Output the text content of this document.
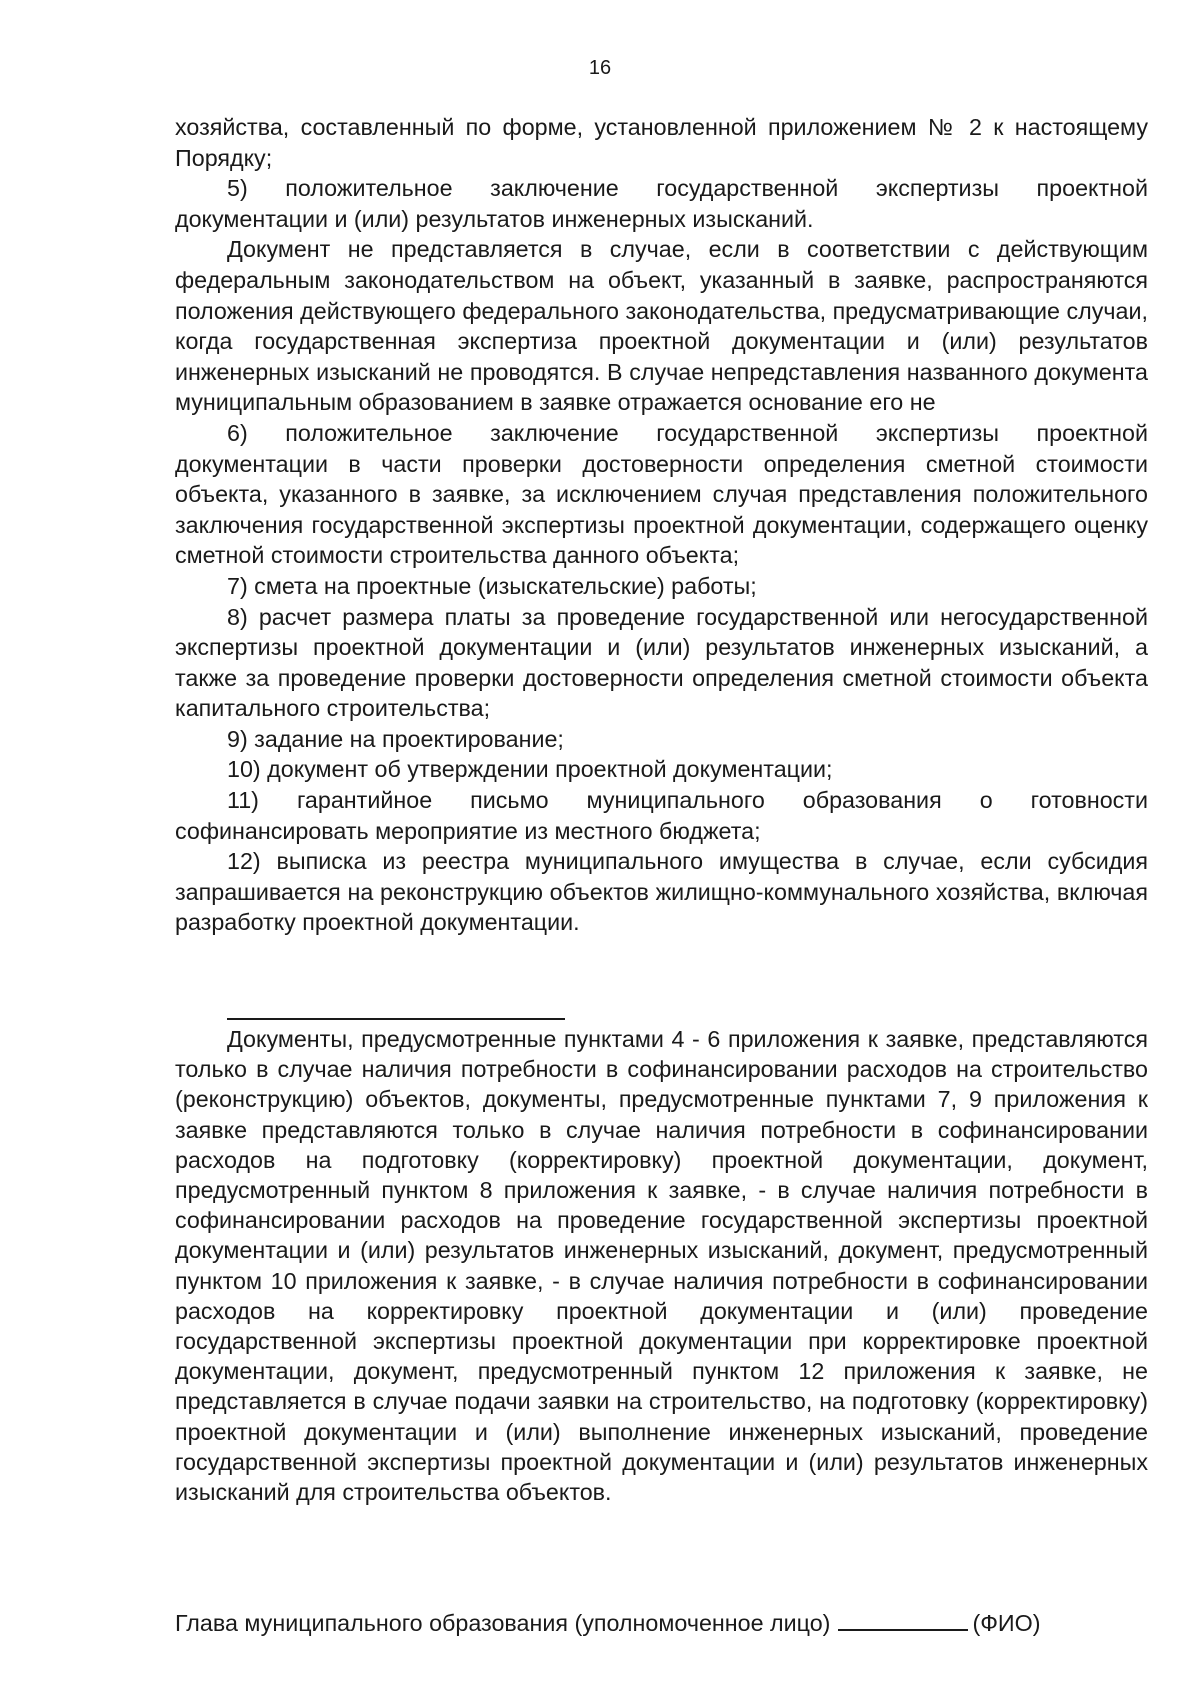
16

хозяйства, составленный по форме, установленной приложением № 2 к настоящему Порядку;

5) положительное заключение государственной экспертизы проектной документации и (или) результатов инженерных изысканий.

Документ не представляется в случае, если в соответствии с действующим федеральным законодательством на объект, указанный в заявке, распространяются положения действующего федерального законодательства, предусматривающие случаи, когда государственная экспертиза проектной документации и (или) результатов инженерных изысканий не проводятся. В случае непредставления названного документа муниципальным образованием в заявке отражается основание его не

6) положительное заключение государственной экспертизы проектной документации в части проверки достоверности определения сметной стоимости объекта, указанного в заявке, за исключением случая представления положительного заключения государственной экспертизы проектной документации, содержащего оценку сметной стоимости строительства данного объекта;

7) смета на проектные (изыскательские) работы;

8) расчет размера платы за проведение государственной или негосударственной экспертизы проектной документации и (или) результатов инженерных изысканий, а также за проведение проверки достоверности определения сметной стоимости объекта капитального строительства;

9) задание на проектирование;

10) документ об утверждении проектной документации;

11) гарантийное письмо муниципального образования о готовности софинансировать мероприятие из местного бюджета;

12) выписка из реестра муниципального имущества в случае, если субсидия запрашивается на реконструкцию объектов жилищно-коммунального хозяйства, включая разработку проектной документации.

Документы, предусмотренные пунктами 4 - 6 приложения к заявке, представляются только в случае наличия потребности в софинансировании расходов на строительство (реконструкцию) объектов, документы, предусмотренные пунктами 7, 9 приложения к заявке представляются только в случае наличия потребности в софинансировании расходов на подготовку (корректировку) проектной документации, документ, предусмотренный пунктом 8 приложения к заявке, - в случае наличия потребности в софинансировании расходов на проведение государственной экспертизы проектной документации и (или) результатов инженерных изысканий, документ, предусмотренный пунктом 10 приложения к заявке, - в случае наличия потребности в софинансировании расходов на корректировку проектной документации и (или) проведение государственной экспертизы проектной документации при корректировке проектной документации, документ, предусмотренный пунктом 12 приложения к заявке, не представляется в случае подачи заявки на строительство, на подготовку (корректировку) проектной документации и (или) выполнение инженерных изысканий, проведение государственной экспертизы проектной документации и (или) результатов инженерных изысканий для строительства объектов.

Глава муниципального образования (уполномоченное лицо)	(ФИО)
